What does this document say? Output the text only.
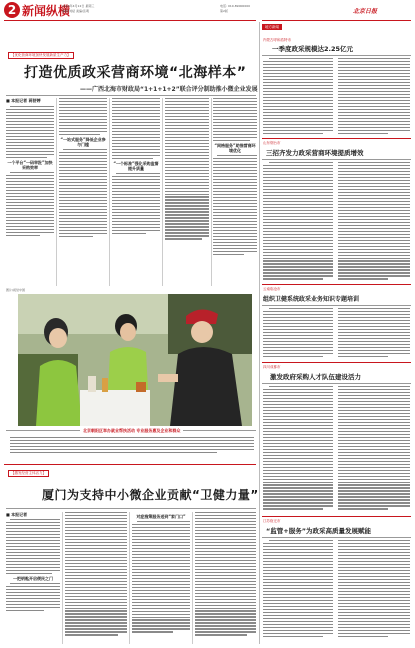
2 新闻纵横
2023年4月12日 星期三
编辑/刘斌 美编/张萌
电话: 010-89000000
第2版	北京日报
【优化营商环境加快发展新质生产力】
打造优质政采营商环境“北海样本”
——广西北海市财政局“1+1+1+2”联合评分制助推小微企业发展
■ 本报记者 蒋舒婷
一个平台“一码审批”加快采购效率
“一站式服务”降低企业参与门槛
“一个标准”强化采购监督提升质量
“网格服务”助推营商环境优化
图片/视觉中国
北京朝阳区举办就业帮扶活动 专业服务惠及企业和群众
【激发经营主体活力】
厦门为支持中小微企业贡献“卫健力量”
■ 本报记者
一把钥匙开启便民之门
对症施策服务送到“家门口”
地方新闻
内蒙古呼和浩特市
一季度政采规模达2.25亿元
山东烟台市
三招齐发力政采营商环境提质增效
云南临沧市
组织卫健系统政采业务知识专题培训
四川成都市
激发政府采购人才队伍建设活力
江苏宿迁市
“监管+服务”为政采高质量发展赋能
